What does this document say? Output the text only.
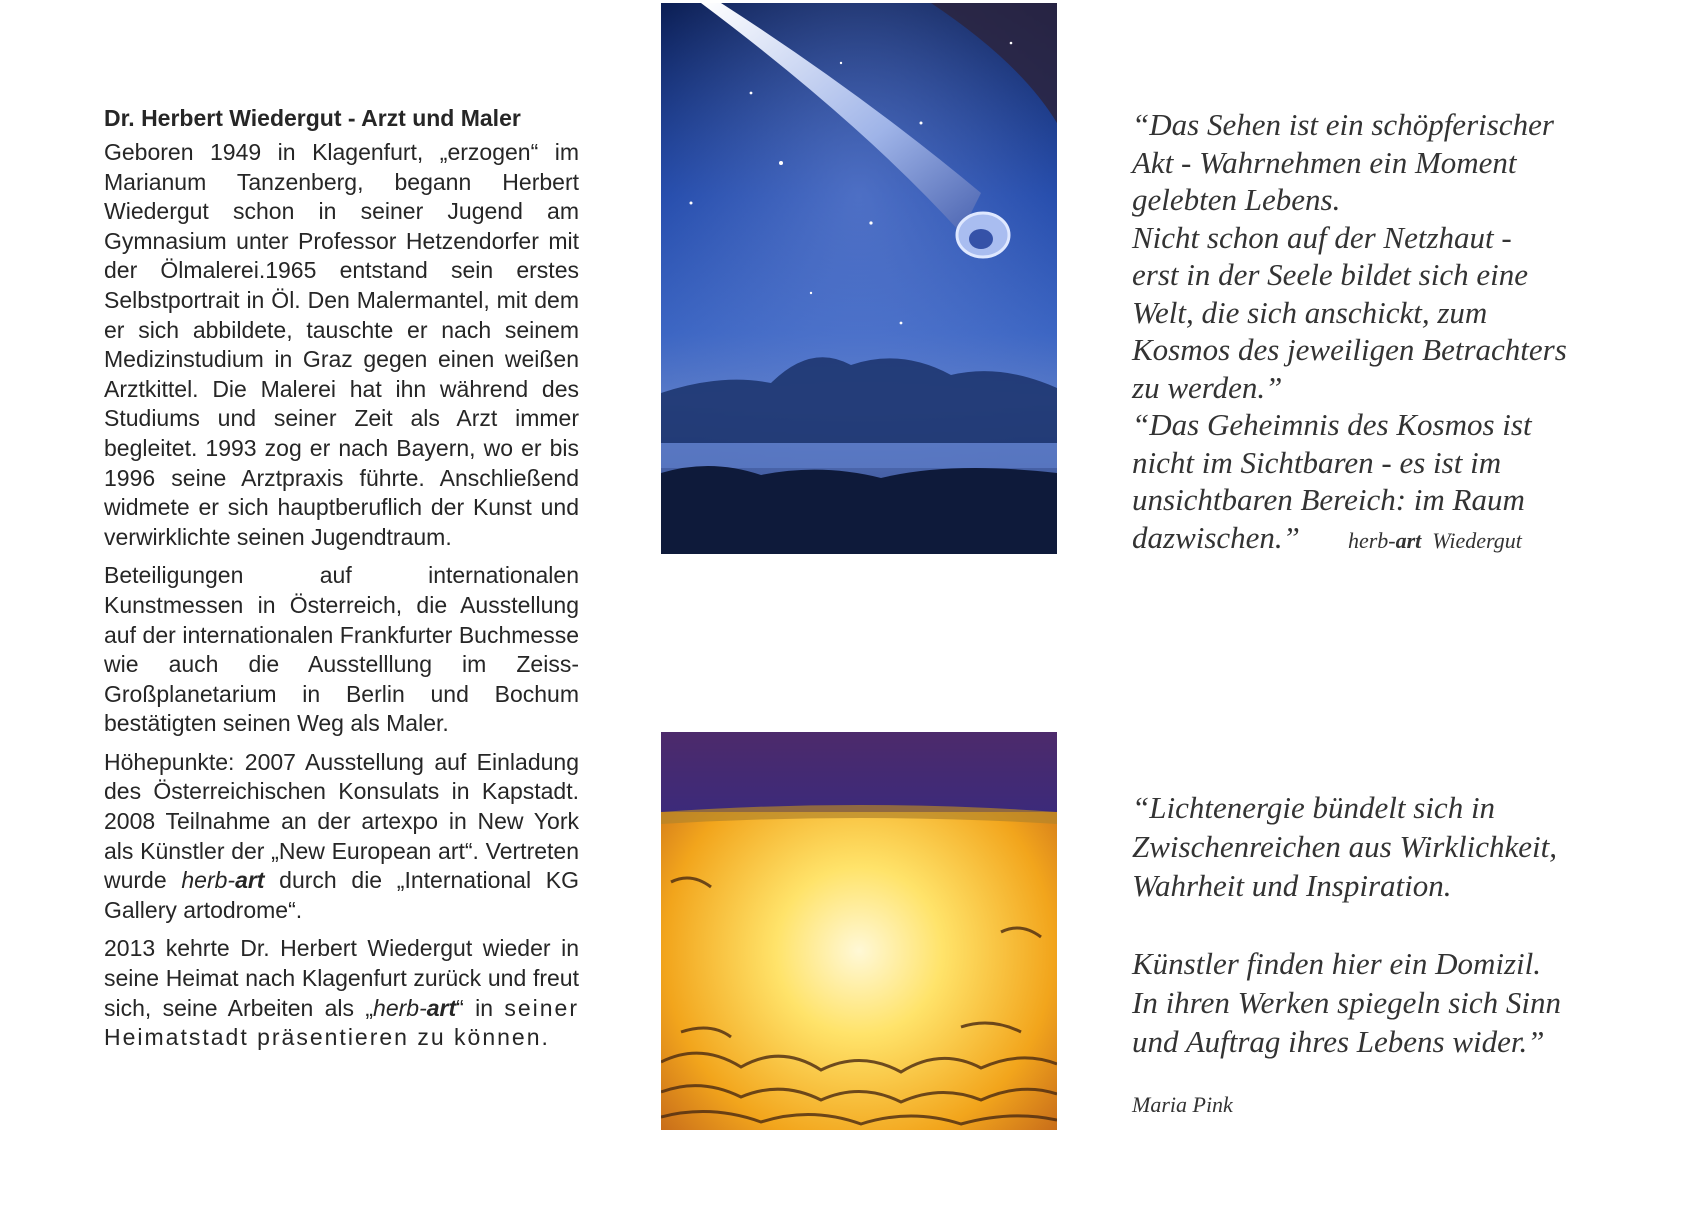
Dr. Herbert Wiedergut - Arzt und Maler

Geboren 1949 in Klagenfurt, „erzogen“ im Marianum Tanzenberg, begann Herbert Wiedergut schon in seiner Jugend am Gymnasium unter Professor Hetzendorfer mit der Ölmalerei.1965 entstand sein erstes Selbstportrait in Öl. Den Malermantel, mit dem er sich abbildete, tauschte er nach seinem Medizinstudium in Graz gegen einen weißen Arztkittel. Die Malerei hat ihn während des Studiums und seiner Zeit als Arzt immer begleitet. 1993 zog er nach Bayern, wo er bis 1996 seine Arztpraxis führte. Anschließend widmete er sich hauptberuflich der Kunst und verwirklichte seinen Jugendtraum.

Beteiligungen auf internationalen Kunstmessen in Österreich, die Ausstellung auf der internationalen Frankfurter Buchmesse wie auch die Ausstelllung im Zeiss-Großplanetarium in Berlin und Bochum bestätigten seinen Weg als Maler.

Höhepunkte: 2007 Ausstellung auf Einladung des Österreichischen Konsulats in Kapstadt. 2008 Teilnahme an der artexpo in New York als Künstler der „New European art“. Vertreten wurde herb-art durch die „International KG Gallery artodrome“.

2013 kehrte Dr. Herbert Wiedergut wieder in seine Heimat nach Klagenfurt zurück und freut sich, seine Arbeiten als „herb-art“ in seiner Heimatstadt präsentieren zu können.

“Das Sehen ist ein schöpferischer
Akt - Wahrnehmen ein Moment
gelebten Lebens.
Nicht schon auf der Netzhaut -
erst in der Seele bildet sich eine
Welt, die sich anschickt, zum
Kosmos des jeweiligen Betrachters
zu werden.”
“Das Geheimnis des Kosmos ist
nicht im Sichtbaren - es ist im
unsichtbaren Bereich: im Raum
dazwischen.” herb-art Wiedergut
“Lichtenergie bündelt sich in
Zwischenreichen aus Wirklichkeit,
Wahrheit und Inspiration.
Künstler finden hier ein Domizil.
In ihren Werken spiegeln sich Sinn
und Auftrag ihres Lebens wider.”
Maria Pink
